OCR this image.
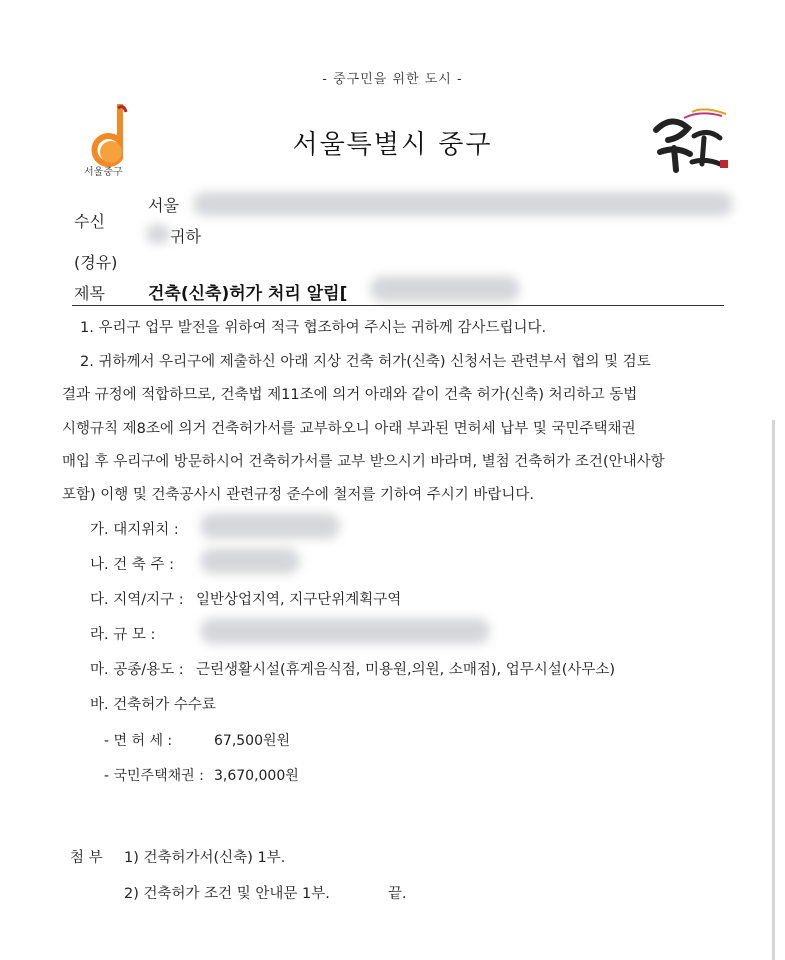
- 중구민을 위한 도시 -
서울중구
서울특별시 중구
수신
서울
귀하
(경유)
제목	건축(신축)허가 처리 알림[
1. 우리구 업무 발전을 위하여 적극 협조하여 주시는 귀하께 감사드립니다.
2. 귀하께서 우리구에 제출하신 아래 지상 건축 허가(신축) 신청서는 관련부서 협의 및 검토
결과 규정에 적합하므로, 건축법 제11조에 의거 아래와 같이 건축 허가(신축) 처리하고 동법
시행규칙 제8조에 의거 건축허가서를 교부하오니 아래 부과된 면허세 납부 및 국민주택채권
매입 후 우리구에 방문하시어 건축허가서를 교부 받으시기 바라며, 별첨 건축허가 조건(안내사항
포함) 이행 및 건축공사시 관련규정 준수에 철저를 기하여 주시기 바랍니다.
가. 대지위치 :
나. 건 축 주 :
다. 지역/지구 : 일반상업지역, 지구단위계획구역
라. 규 모 :
마. 공종/용도 : 근린생활시설(휴게음식점, 미용원,의원, 소매점), 업무시설(사무소)
바. 건축허가 수수료
- 면 허 세 :	67,500원원
- 국민주택채권 : 3,670,000원
첨 부 1) 건축허가서(신축) 1부.
2) 건축허가 조건 및 안내문 1부.	끝.
